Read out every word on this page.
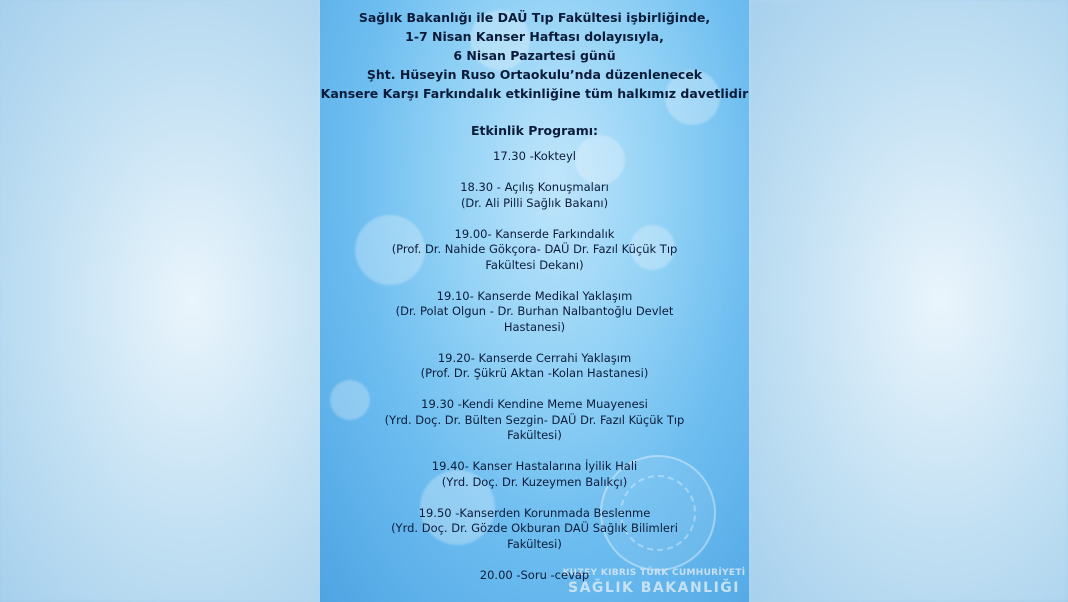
KUZEY KIBRIS TÜRK CUMHURİYETİ
SAĞLIK BAKANLIĞI
Sağlık Bakanlığı ile DAÜ Tıp Fakültesi işbirliğinde,
1-7 Nisan Kanser Haftası dolayısıyla,
6 Nisan Pazartesi günü
Şht. Hüseyin Ruso Ortaokulu’nda düzenlenecek
Kansere Karşı Farkındalık etkinliğine tüm halkımız davetlidir
Etkinlik Programı:
17.30 -Kokteyl
18.30 - Açılış Konuşmaları
(Dr. Ali Pilli Sağlık Bakanı)
19.00- Kanserde Farkındalık
(Prof. Dr. Nahide Gökçora- DAÜ Dr. Fazıl Küçük Tıp
Fakültesi Dekanı)
19.10- Kanserde Medikal Yaklaşım
(Dr. Polat Olgun - Dr. Burhan Nalbantoğlu Devlet
Hastanesi)
19.20- Kanserde Cerrahi Yaklaşım
(Prof. Dr. Şükrü Aktan -Kolan Hastanesi)
19.30 -Kendi Kendine Meme Muayenesi
(Yrd. Doç. Dr. Bülten Sezgin- DAÜ Dr. Fazıl Küçük Tıp
Fakültesi)
19.40- Kanser Hastalarına İyilik Hali
(Yrd. Doç. Dr. Kuzeymen Balıkçı)
19.50 -Kanserden Korunmada Beslenme
(Yrd. Doç. Dr. Gözde Okburan DAÜ Sağlık Bilimleri
Fakültesi)
20.00 -Soru -cevap
